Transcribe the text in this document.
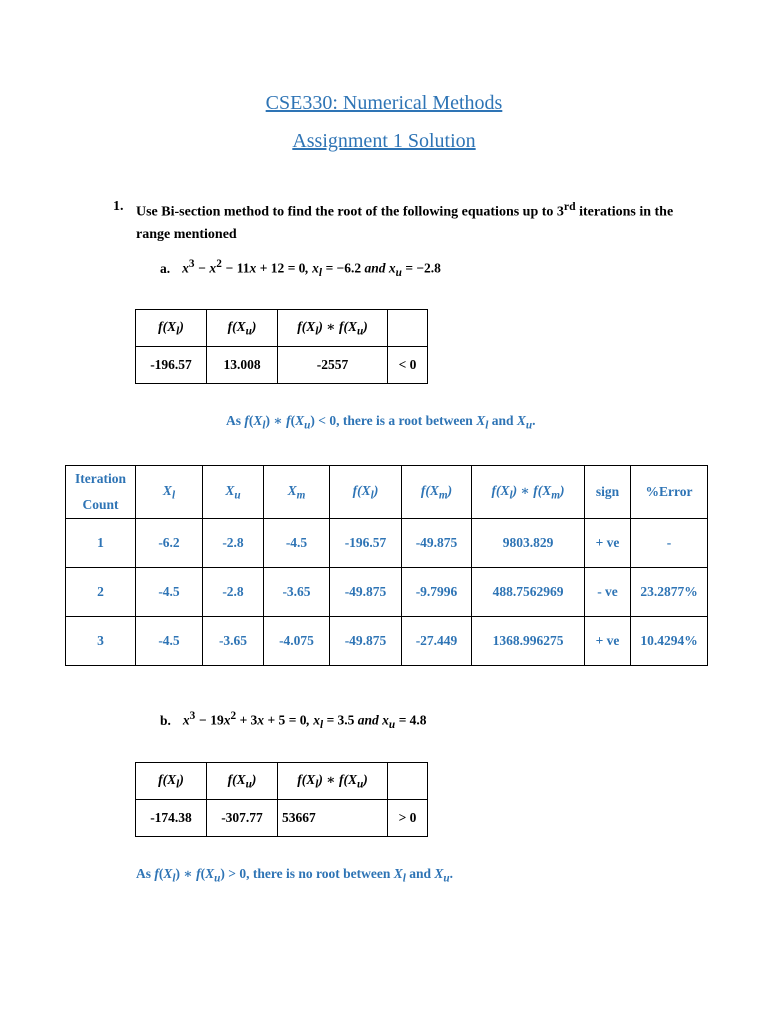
CSE330: Numerical Methods
Assignment 1 Solution
1. Use Bi-section method to find the root of the following equations up to 3rd iterations in the range mentioned
a. $x^3 - x^2 - 11x + 12 = 0$, $x_l = -6.2$ and $x_u = -2.8$
$f(X_l)$	$f(X_u)$	$f(X_l)$ ∗ $f(X_u)$	
-196.57	13.008	-2557	< 0
As $f(X_l)$ ∗ $f(X_u) < 0$, there is a root between $X_l$ and $X_u$.
Iteration
Count	$X_l$	$X_u$	$X_m$	$f(X_l)$	$f(X_m)$	$f(X_l)$ ∗ $f(X_m)$	sign	%Error
1	-6.2	-2.8	-4.5	-196.57	-49.875	9803.829	+ ve	-
2	-4.5	-2.8	-3.65	-49.875	-9.7996	488.7562969	- ve	23.2877%
3	-4.5	-3.65	-4.075	-49.875	-27.449	1368.996275	+ ve	10.4294%
b. $x^3 - 19x^2 + 3x + 5 = 0$, $x_l = 3.5$ and $x_u = 4.8$
$f(X_l)$	$f(X_u)$	$f(X_l)$ ∗ $f(X_u)$	
-174.38	-307.77	53667	> 0
As $f(X_l)$ ∗ $f(X_u) > 0$, there is no root between $X_l$ and $X_u$.
